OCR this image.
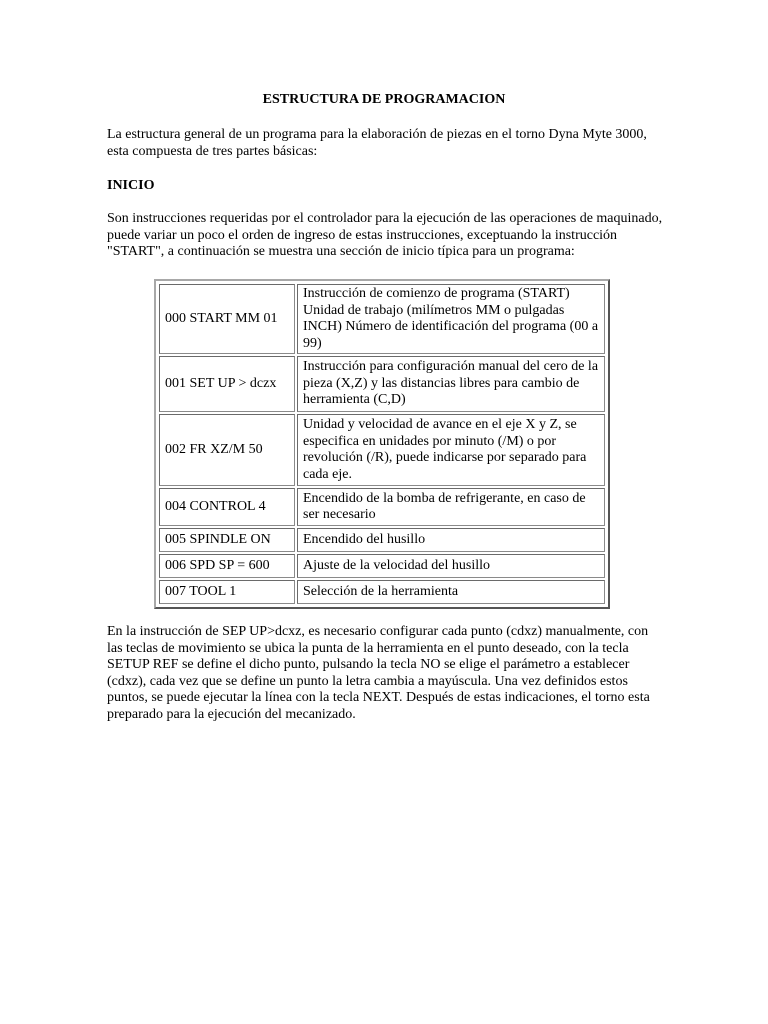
ESTRUCTURA DE PROGRAMACION

La estructura general de un programa para la elaboración de piezas en el torno Dyna Myte 3000, esta compuesta de tres partes básicas:

INICIO

Son instrucciones requeridas por el controlador para la ejecución de las operaciones de maquinado, puede variar un poco el orden de ingreso de estas instrucciones, exceptuando la instrucción "START", a continuación se muestra una sección de inicio típica para un programa:

000 START MM 01	Instrucción de comienzo de programa (START) Unidad de trabajo (milímetros MM o pulgadas INCH) Número de identificación del programa (00 a 99)
001 SET UP > dczx	Instrucción para configuración manual del cero de la pieza (X,Z) y las distancias libres para cambio de herramienta (C,D)
002 FR XZ/M 50	Unidad y velocidad de avance en el eje X y Z, se especifica en unidades por minuto (/M) o por revolución (/R), puede indicarse por separado para cada eje.
004 CONTROL 4	Encendido de la bomba de refrigerante, en caso de ser necesario
005 SPINDLE ON	Encendido del husillo
006 SPD SP = 600	Ajuste de la velocidad del husillo
007 TOOL 1	Selección de la herramienta

En la instrucción de SEP UP>dcxz, es necesario configurar cada punto (cdxz) manualmente, con las teclas de movimiento se ubica la punta de la herramienta en el punto deseado, con la tecla SETUP REF se define el dicho punto, pulsando la tecla NO se elige el parámetro a establecer (cdxz), cada vez que se define un punto la letra cambia a mayúscula. Una vez definidos estos puntos, se puede ejecutar la línea con la tecla NEXT. Después de estas indicaciones, el torno esta preparado para la ejecución del mecanizado.
